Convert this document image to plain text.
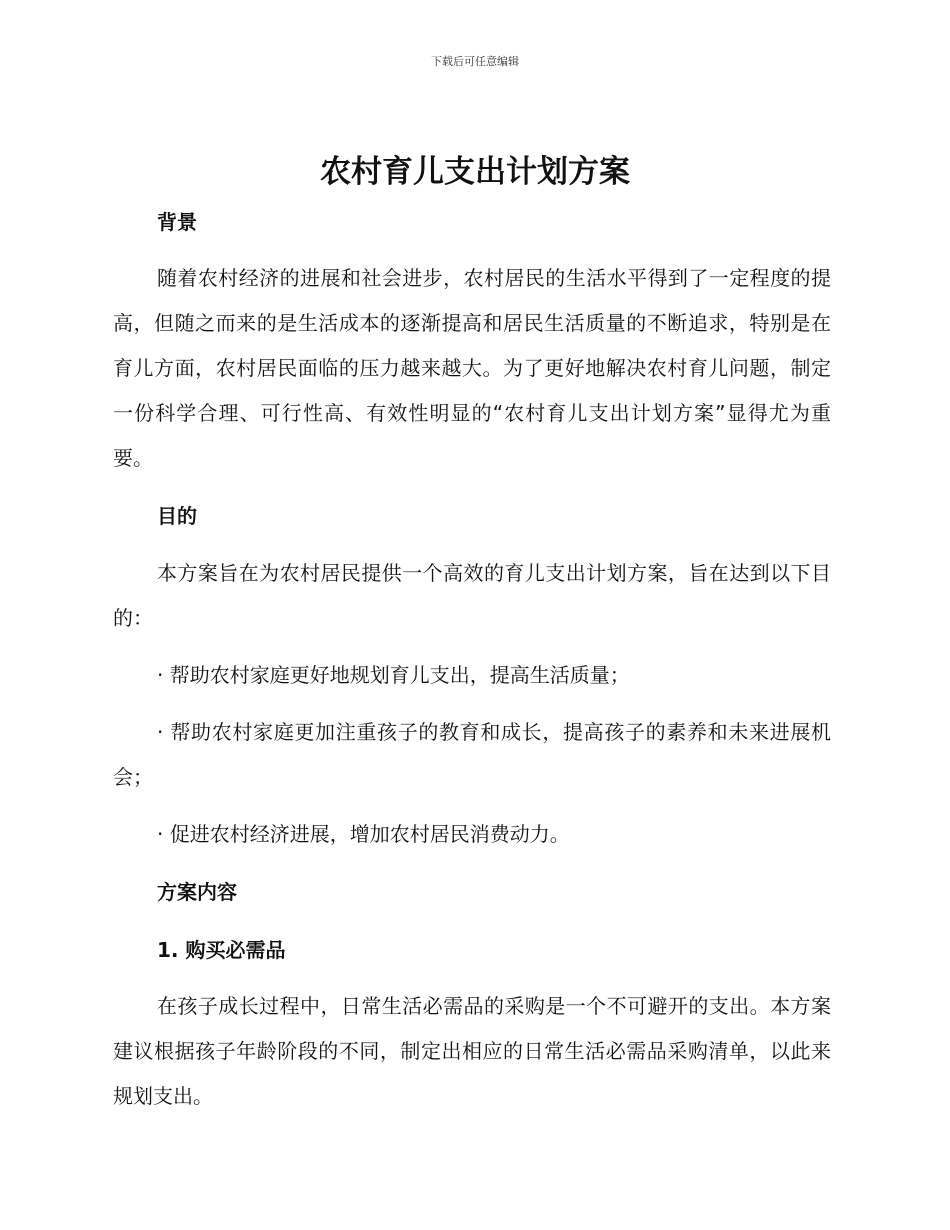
下载后可任意编辑
农村育儿支出计划方案
背景

随着农村经济的进展和社会进步，农村居民的生活水平得到了一定程度的提高，但随之而来的是生活成本的逐渐提高和居民生活质量的不断追求，特别是在育儿方面，农村居民面临的压力越来越大。为了更好地解决农村育儿问题，制定一份科学合理、可行性高、有效性明显的“农村育儿支出计划方案”显得尤为重要。

目的

本方案旨在为农村居民提供一个高效的育儿支出计划方案，旨在达到以下目的：

· 帮助农村家庭更好地规划育儿支出，提高生活质量；

· 帮助农村家庭更加注重孩子的教育和成长，提高孩子的素养和未来进展机会；

· 促进农村经济进展，增加农村居民消费动力。

方案内容
1. 购买必需品

在孩子成长过程中，日常生活必需品的采购是一个不可避开的支出。本方案建议根据孩子年龄阶段的不同，制定出相应的日常生活必需品采购清单，以此来规划支出。
